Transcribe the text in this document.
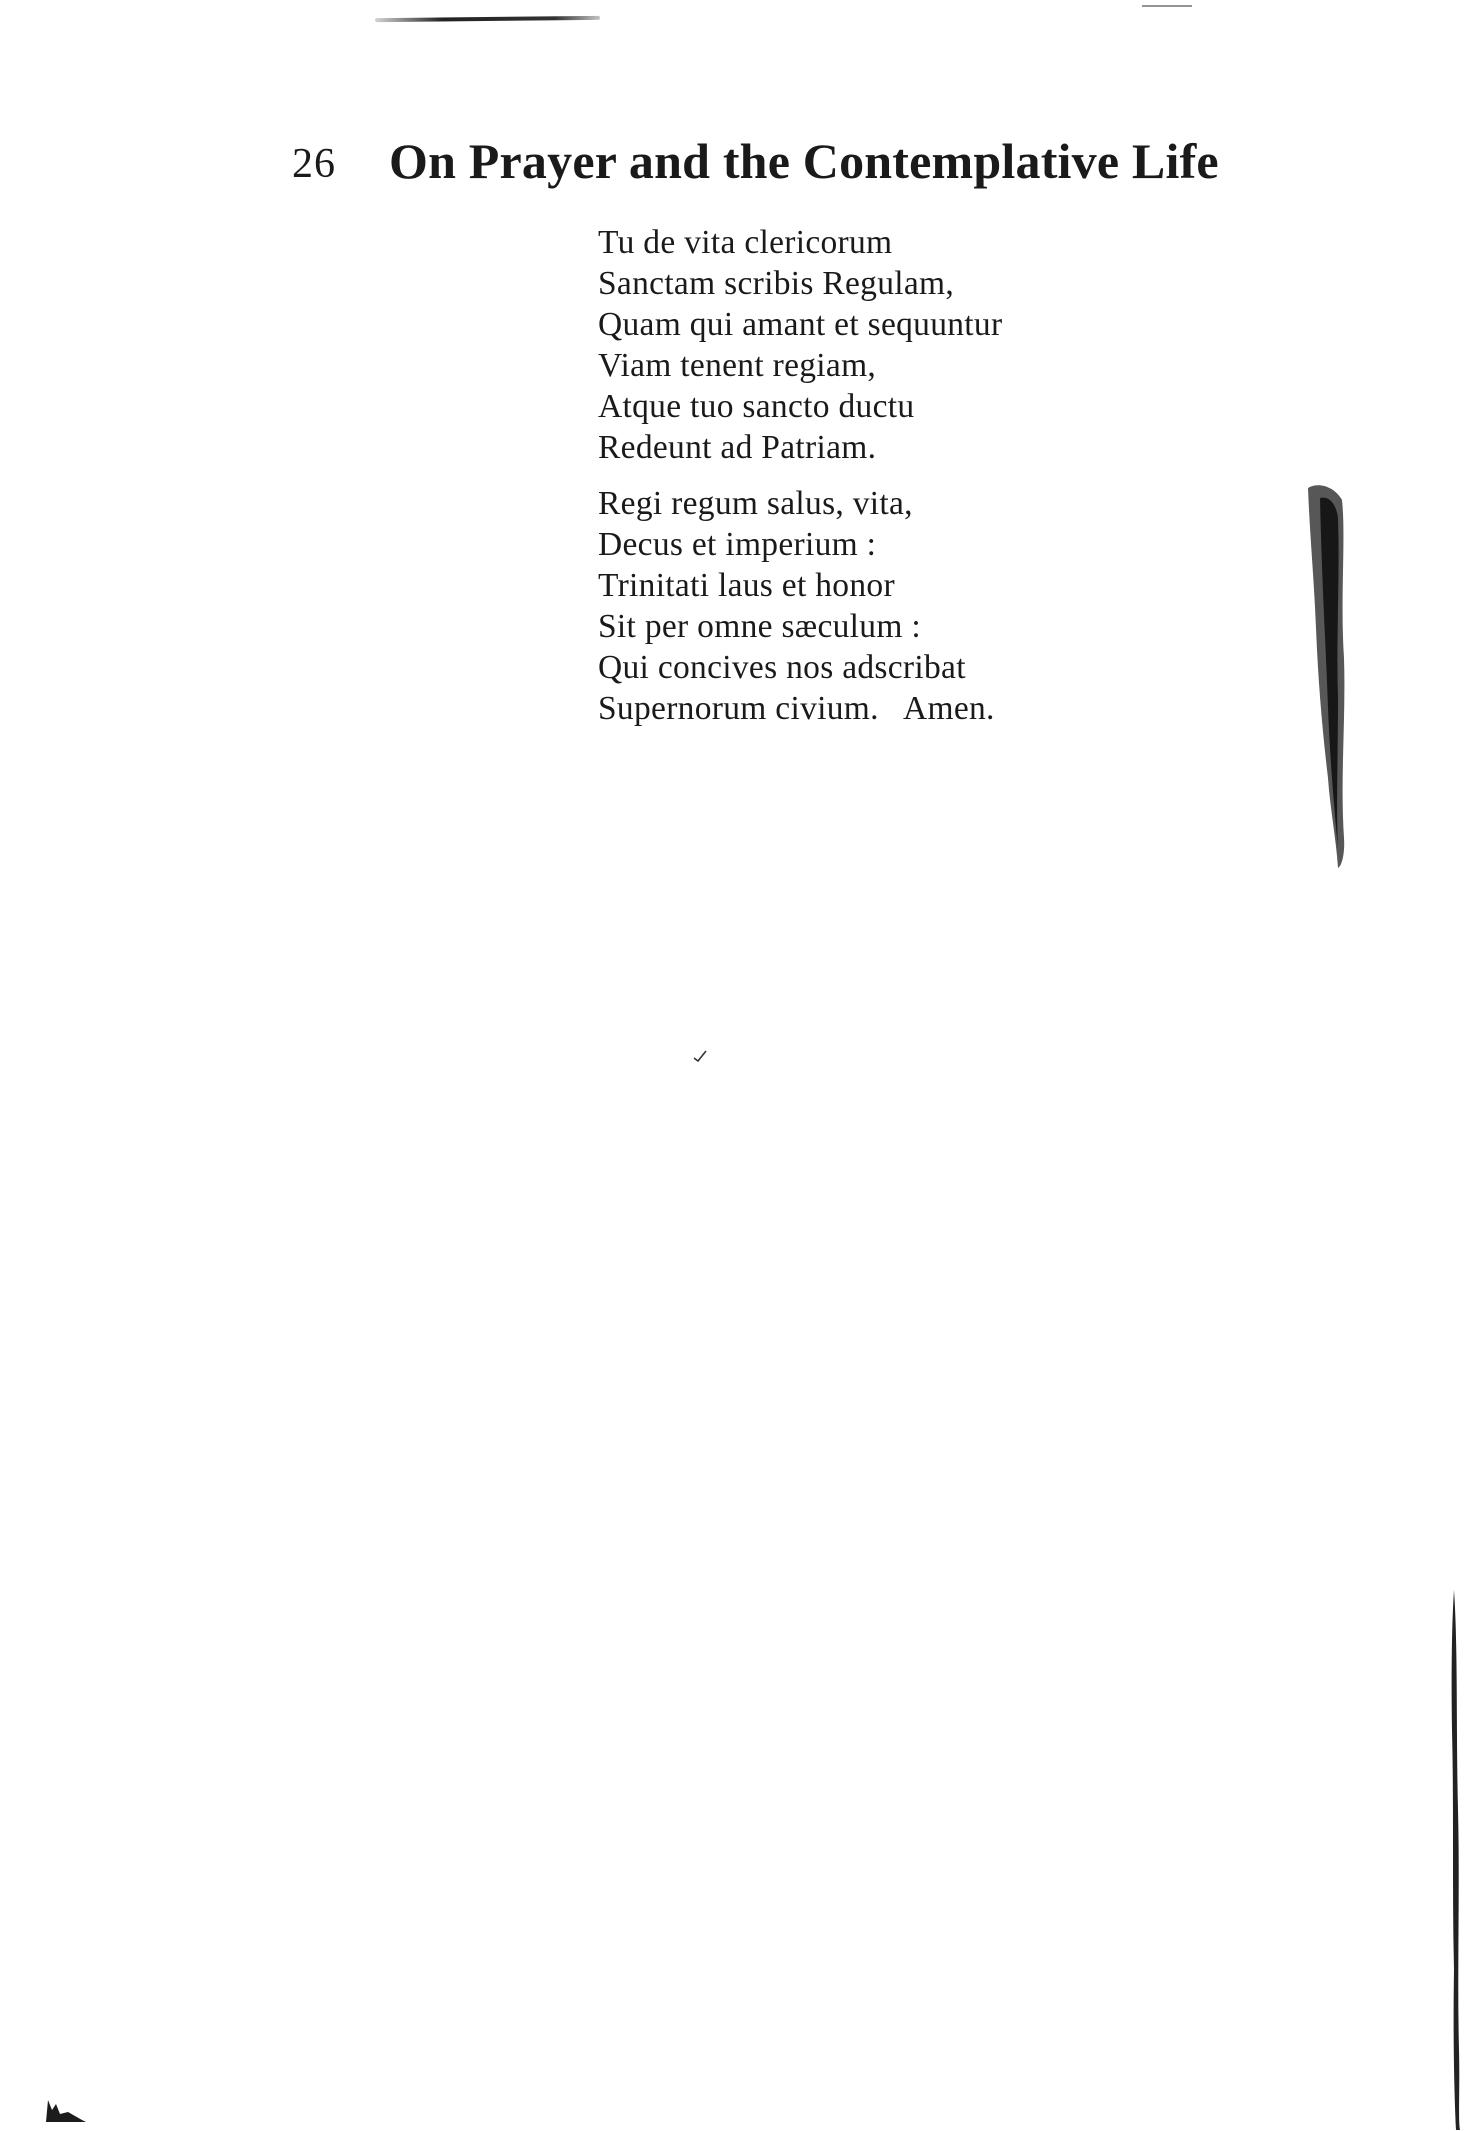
26 On Prayer and the Contemplative Life
Tu de vita clericorum
Sanctam scribis Regulam,
Quam qui amant et sequuntur
Viam tenent regiam,
Atque tuo sancto ductu
Redeunt ad Patriam.
Regi regum salus, vita,
Decus et imperium :
Trinitati laus et honor
Sit per omne sæculum :
Qui concives nos adscribat
Supernorum civium.   Amen.
